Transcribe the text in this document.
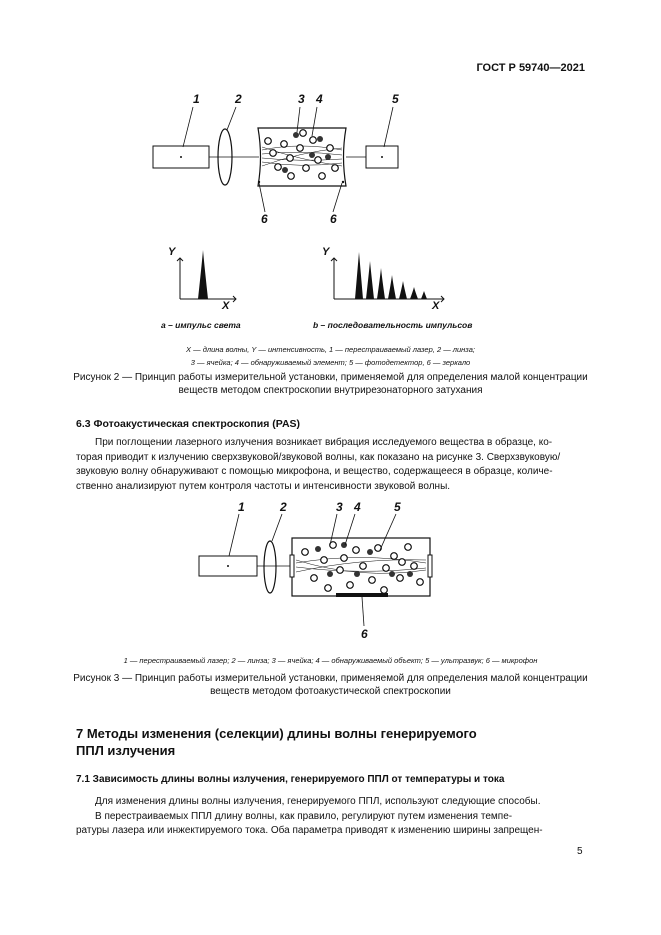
ГОСТ Р 59740—2021
1	2	3 4	5
6	6
Y
X
Y
X
a – импульс света	b – последовательность импульсов
X — длина волны, Y — интенсивность, 1 — перестраиваемый лазер, 2 — линза;
3 — ячейка; 4 — обнаруживаемый элемент; 5 — фотодетектор, 6 — зеркало
Рисунок 2 — Принцип работы измерительной установки, применяемой для определения малой концентрации
веществ методом спектроскопии внутрирезонаторного затухания
6.3 Фотоакустическая спектроскопия (PAS)
При поглощении лазерного излучения возникает вибрация исследуемого вещества в образце, ко-
торая приводит к излучению сверхзвуковой/звуковой волны, как показано на рисунке 3. Сверхзвуковую/
звуковую волну обнаруживают с помощью микрофона, и вещество, содержащееся в образце, количе-
ственно анализируют путем контроля частоты и интенсивности звуковой волны.
1	2	3 4	5
6
1 — перестраиваемый лазер; 2 — линза; 3 — ячейка; 4 — обнаруживаемый объект; 5 — ультразвук; 6 — микрофон
Рисунок 3 — Принцип работы измерительной установки, применяемой для определения малой концентрации
веществ методом фотоакустической спектроскопии
7 Методы изменения (селекции) длины волны генерируемого
ППЛ излучения
7.1 Зависимость длины волны излучения, генерируемого ППЛ от температуры и тока
Для изменения длины волны излучения, генерируемого ППЛ, используют следующие способы.
В перестраиваемых ППЛ длину волны, как правило, регулируют путем изменения темпе-
ратуры лазера или инжектируемого тока. Оба параметра приводят к изменению ширины запрещен-
5
